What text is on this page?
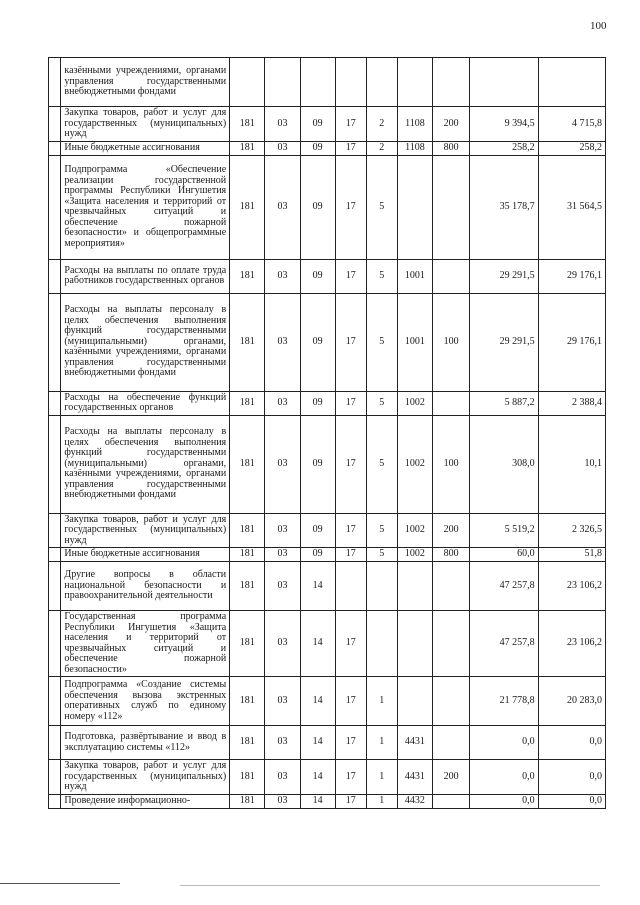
100
	казёнными учреждениями, органами управления государственными внебюджетными фондами									
	Закупка товаров, работ и услуг для государственных (муниципальных) нужд	181	03	09	17	2	1108	200	9 394,5	4 715,8
	Иные бюджетные ассигнования	181	03	09	17	2	1108	800	258,2	258,2
	Подпрограмма «Обеспечение реализации государственной программы Республики Ингушетия «Защита населения и территорий от чрезвычайных ситуаций и обеспечение пожарной безопасности» и общепрограммные мероприятия»	181	03	09	17	5			35 178,7	31 564,5
	Расходы на выплаты по оплате труда работников государственных органов	181	03	09	17	5	1001		29 291,5	29 176,1
	Расходы на выплаты персоналу в целях обеспечения выполнения функций государственными (муниципальными) органами, казёнными учреждениями, органами управления государственными внебюджетными фондами	181	03	09	17	5	1001	100	29 291,5	29 176,1
	Расходы на обеспечение функций государственных органов	181	03	09	17	5	1002		5 887,2	2 388,4
	Расходы на выплаты персоналу в целях обеспечения выполнения функций государственными (муниципальными) органами, казёнными учреждениями, органами управления государственными внебюджетными фондами	181	03	09	17	5	1002	100	308,0	10,1
	Закупка товаров, работ и услуг для государственных (муниципальных) нужд	181	03	09	17	5	1002	200	5 519,2	2 326,5
	Иные бюджетные ассигнования	181	03	09	17	5	1002	800	60,0	51,8
	Другие вопросы в области национальной безопасности и правоохранительной деятельности	181	03	14					47 257,8	23 106,2
	Государственная программа Республики Ингушетия «Защита населения и территорий от чрезвычайных ситуаций и обеспечение пожарной безопасности»	181	03	14	17				47 257,8	23 106,2
	Подпрограмма «Создание системы обеспечения вызова экстренных оперативных служб по единому номеру «112»	181	03	14	17	1			21 778,8	20 283,0
	Подготовка, развёртывание и ввод в эксплуатацию системы «112»	181	03	14	17	1	4431		0,0	0,0
	Закупка товаров, работ и услуг для государственных (муниципальных) нужд	181	03	14	17	1	4431	200	0,0	0,0
	Проведение информационно-	181	03	14	17	1	4432		0,0	0,0
